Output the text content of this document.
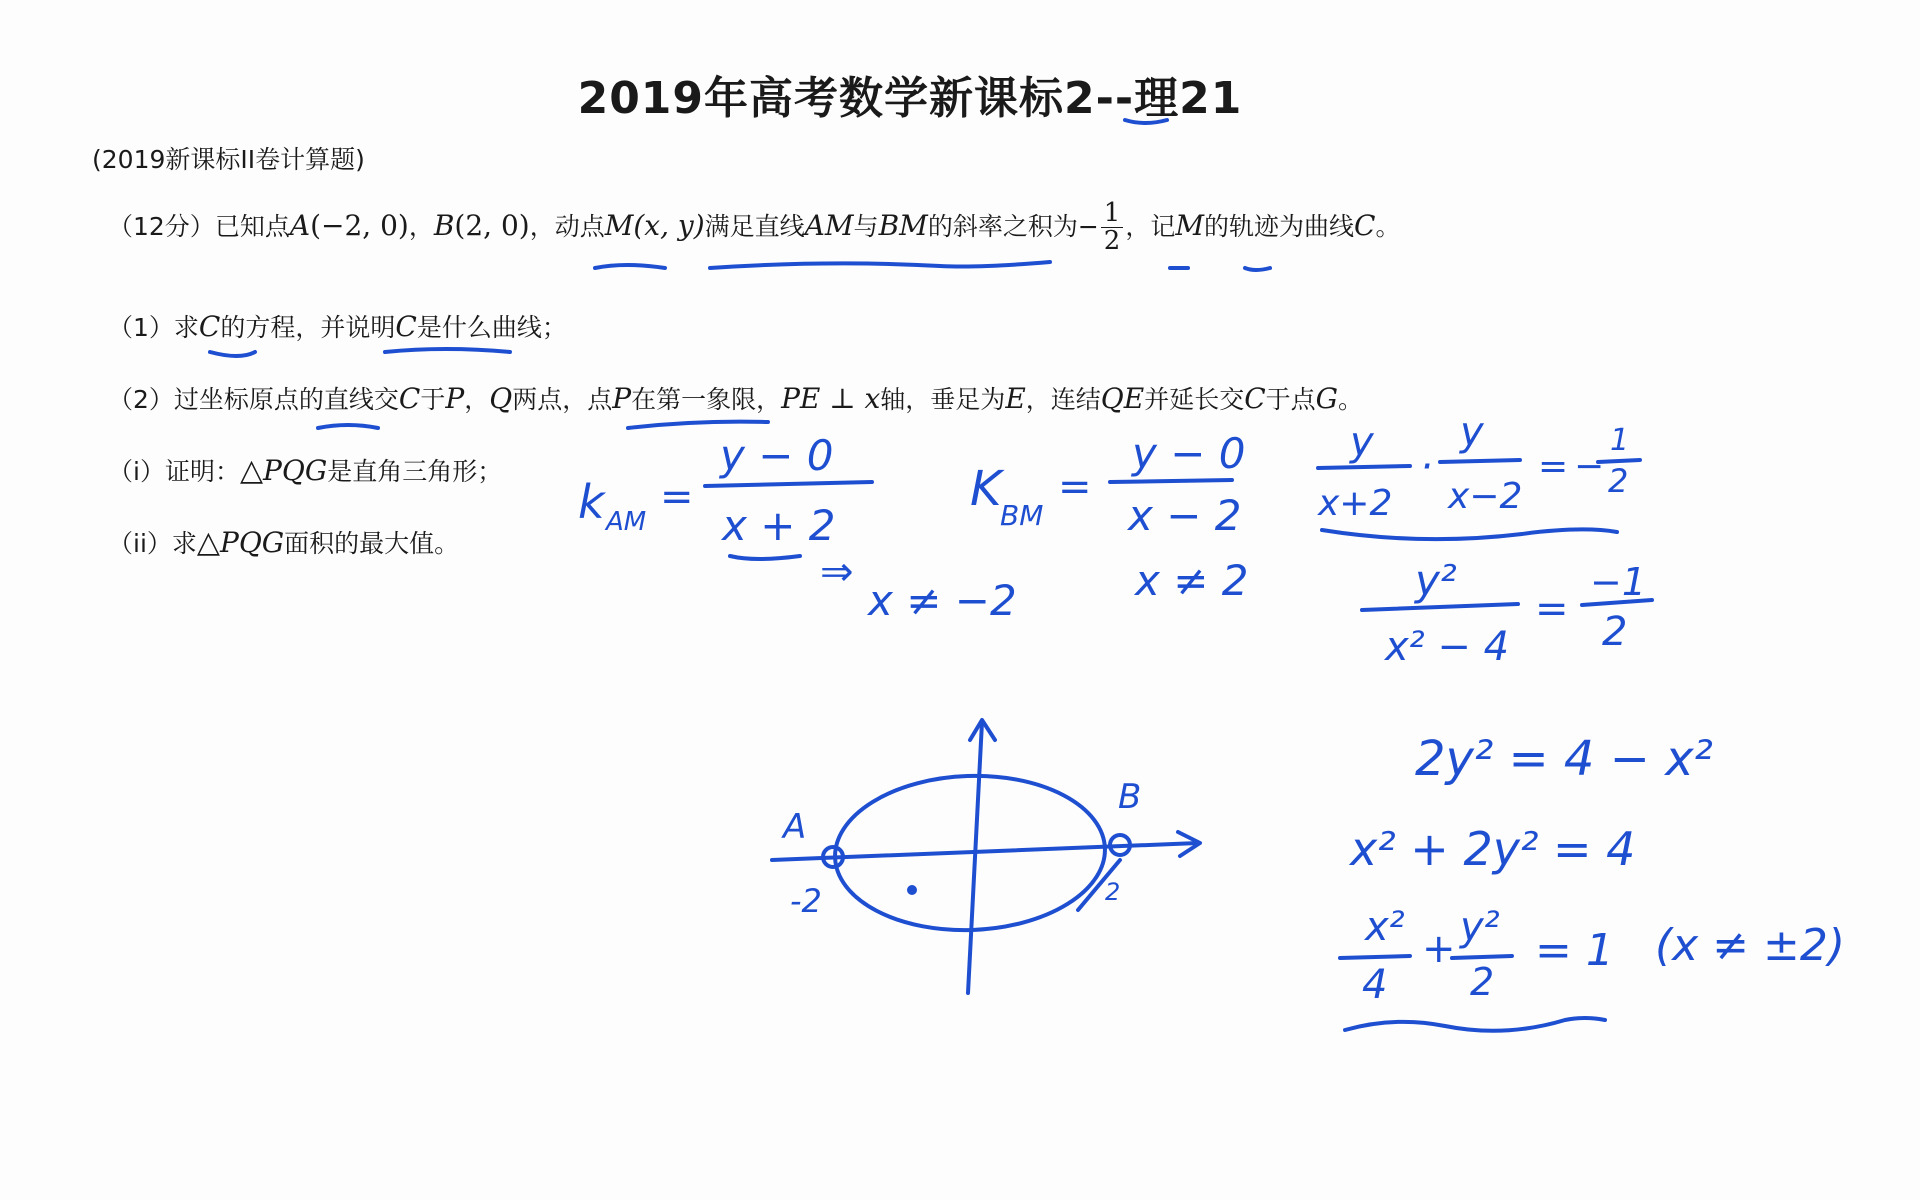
2019年高考数学新课标2--理21
(2019新课标II卷计算题)
（12分）已知点A(−2, 0)，B(2, 0)，动点M(x, y)满足直线AM与BM的斜率之积为− $\frac{1}{2}$ ，记M的轨迹为曲线C。
（1）求C的方程，并说明C是什么曲线；
（2）过坐标原点的直线交C于P，Q两点，点P在第一象限，PE ⊥ x轴，垂足为E，连结QE并延长交C于点G。
（i）证明：△PQG是直角三角形；
（ii）求△PQG面积的最大值。
k AM
=
y − 0
x + 2
⇒
x ≠ −2
K
BM
=
y − 0
x − 2
x ≠ 2
y
x+2
·
y
x−2
= −
1
2
y²
x² − 4
=
−1
2
2y² = 4 − x²
x² + 2y² = 4
x²
4
+ y²
2
= 1 (x ≠ ±2)
A
B
-2	2
